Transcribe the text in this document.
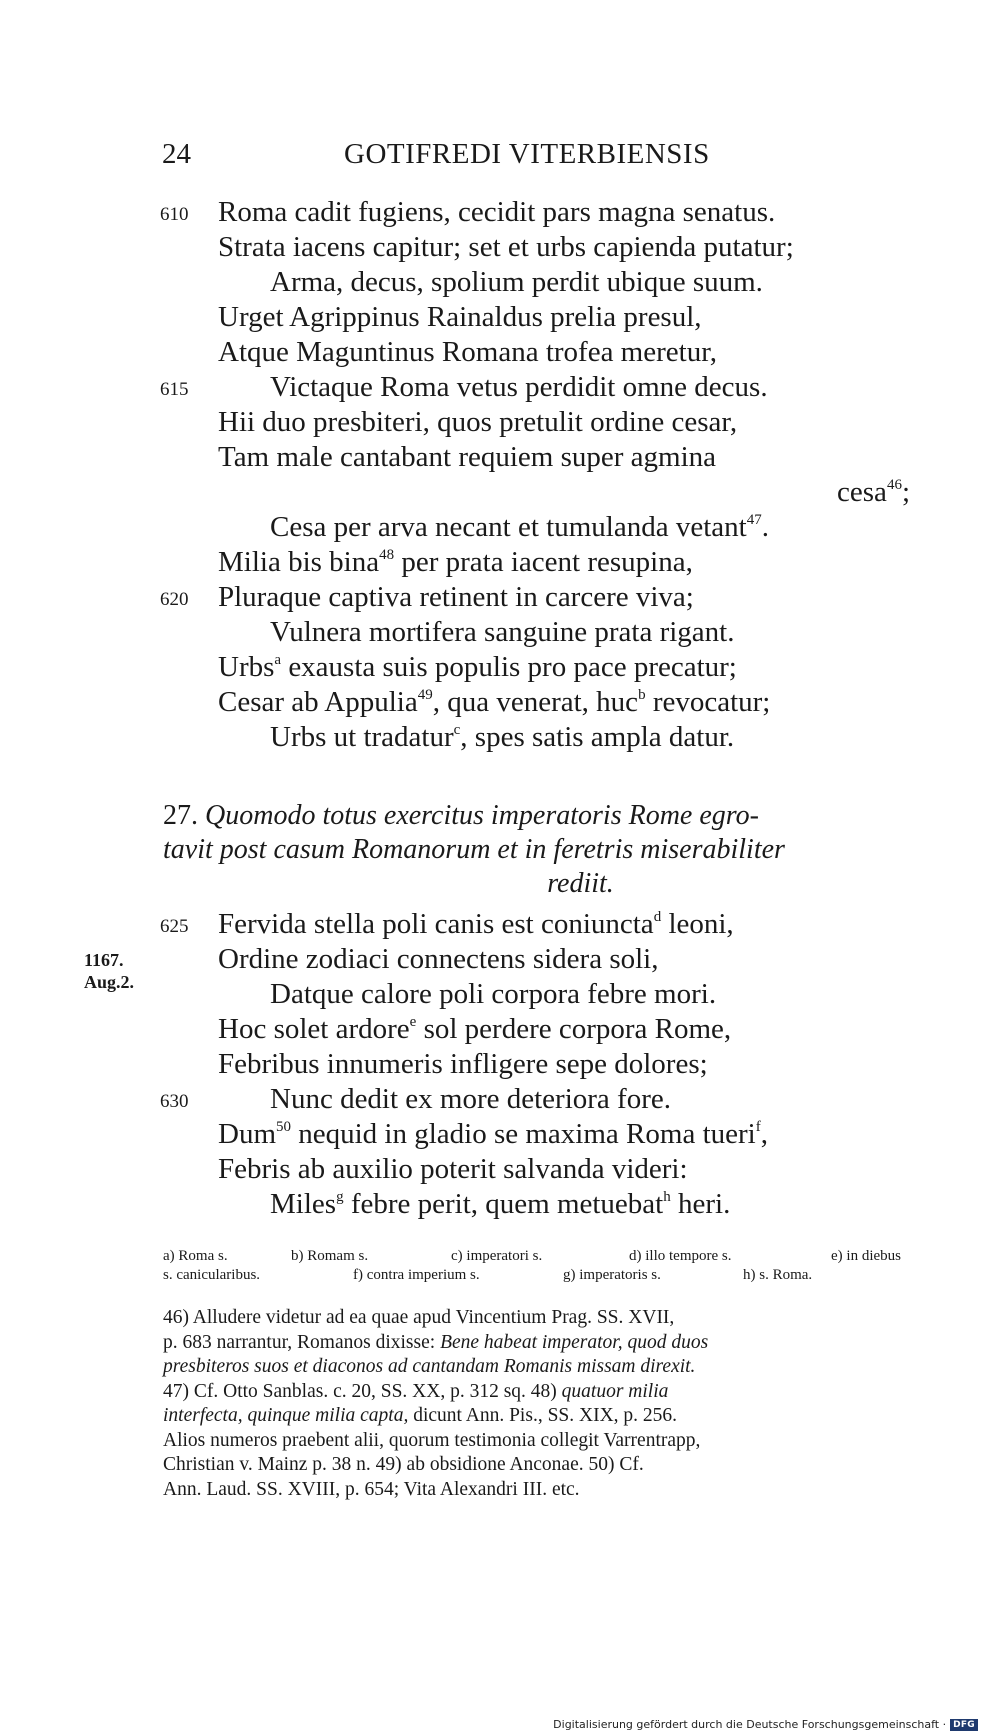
24	GOTIFREDI VITERBIENSIS
610 Roma cadit fugiens, cecidit pars magna senatus.
Strata iacens capitur; set et urbs capienda putatur;
Arma, decus, spolium perdit ubique suum.
Urget Agrippinus Rainaldus prelia presul,
Atque Maguntinus Romana trofea meretur,
615	Victaque Roma vetus perdidit omne decus.
Hii duo presbiteri, quos pretulit ordine cesar,
Tam male cantabant requiem super agmina
cesa$^{46}$;
Cesa per arva necant et tumulanda vetant$^{47}$.
Milia bis bina$^{48}$ per prata iacent resupina,
620 Pluraque captiva retinent in carcere viva;
Vulnera mortifera sanguine prata rigant.
Urbs$^a$ exausta suis populis pro pace precatur;
Cesar ab Appulia$^{49}$, qua venerat, huc$^b$ revocatur;
Urbs ut tradatur$^c$, spes satis ampla datur.
27. Quomodo totus exercitus imperatoris Rome egro-
tavit post casum Romanorum et in feretris miserabiliter
rediit.
1167.
Aug.2.
625 Fervida stella poli canis est coniuncta$^d$ leoni,
Ordine zodiaci connectens sidera soli,
Datque calore poli corpora febre mori.
Hoc solet ardore$^e$ sol perdere corpora Rome,
Febribus innumeris infligere sepe dolores;
630	Nunc dedit ex more deteriora fore.
Dum$^{50}$ nequid in gladio se maxima Roma tueri$^f$,
Febris ab auxilio poterit salvanda videri:
Miles$^g$ febre perit, quem metuebat$^h$ heri.
a) Roma s.	b) Romam s.	c) imperatori s.	d) illo tempore s.	e) in diebus
s. canicularibus.	f) contra imperium s.	g) imperatoris s.	h) s. Roma.
46) Alludere videtur ad ea quae apud Vincentium Prag. SS. XVII,
p. 683 narrantur, Romanos dixisse: Bene habeat imperator, quod duos
presbiteros suos et diaconos ad cantandam Romanis missam direxit.
47) Cf. Otto Sanblas. c. 20, SS. XX, p. 312 sq. 48) quatuor milia
interfecta, quinque milia capta, dicunt Ann. Pis., SS. XIX, p. 256.
Alios numeros praebent alii, quorum testimonia collegit Varrentrapp,
Christian v. Mainz p. 38 n. 49) ab obsidione Anconae. 50) Cf.
Ann. Laud. SS. XVIII, p. 654; Vita Alexandri III. etc.
Digitalisierung gefördert durch die Deutsche Forschungsgemeinschaft · DFG
